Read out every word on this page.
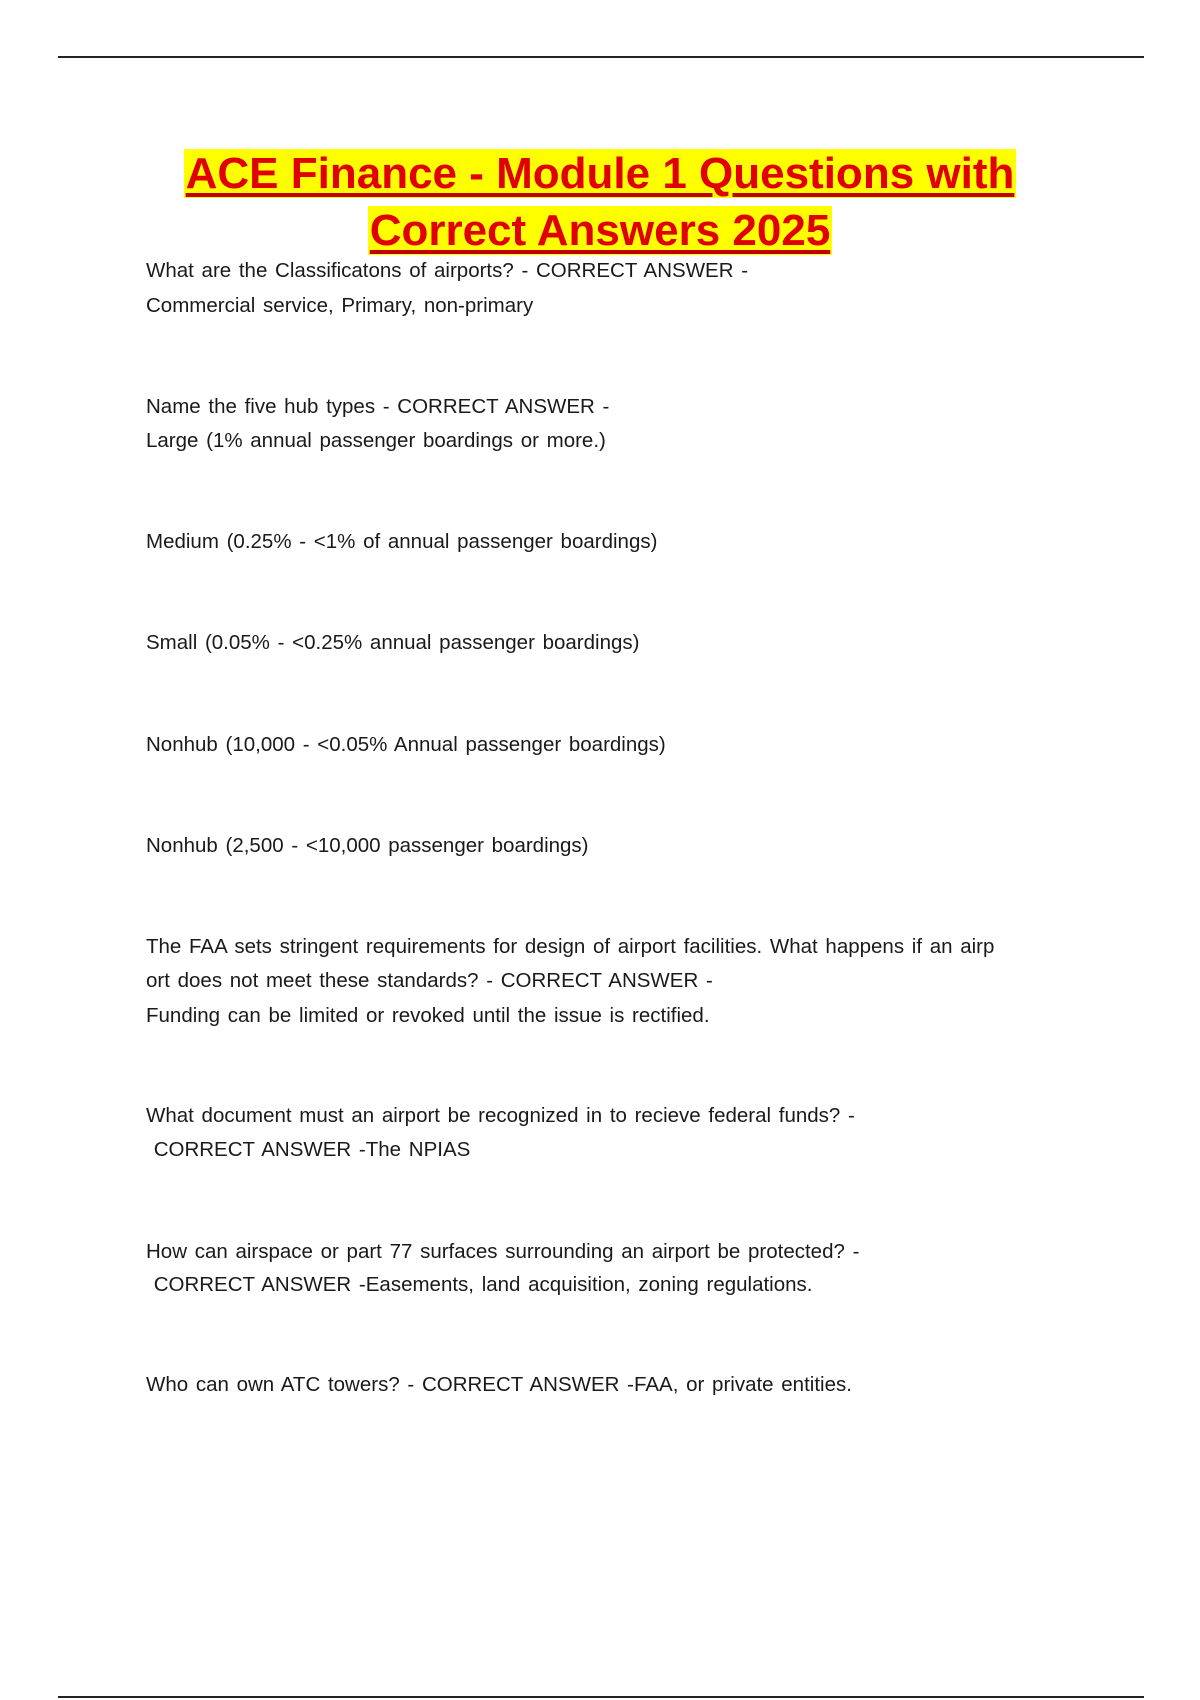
ACE Finance - Module 1 Questions with
Correct Answers 2025
What are the Classificatons of airports? - CORRECT ANSWER -
Commercial service, Primary, non-primary
Name the five hub types - CORRECT ANSWER -
Large (1% annual passenger boardings or more.)
Medium (0.25% - <1% of annual passenger boardings)
Small (0.05% - <0.25% annual passenger boardings)
Nonhub (10,000 - <0.05% Annual passenger boardings)
Nonhub (2,500 - <10,000 passenger boardings)
The FAA sets stringent requirements for design of airport facilities. What happens if an airp
ort does not meet these standards? - CORRECT ANSWER -
Funding can be limited or revoked until the issue is rectified.
What document must an airport be recognized in to recieve federal funds? -
CORRECT ANSWER -The NPIAS
How can airspace or part 77 surfaces surrounding an airport be protected? -
CORRECT ANSWER -Easements, land acquisition, zoning regulations.
Who can own ATC towers? - CORRECT ANSWER -FAA, or private entities.
